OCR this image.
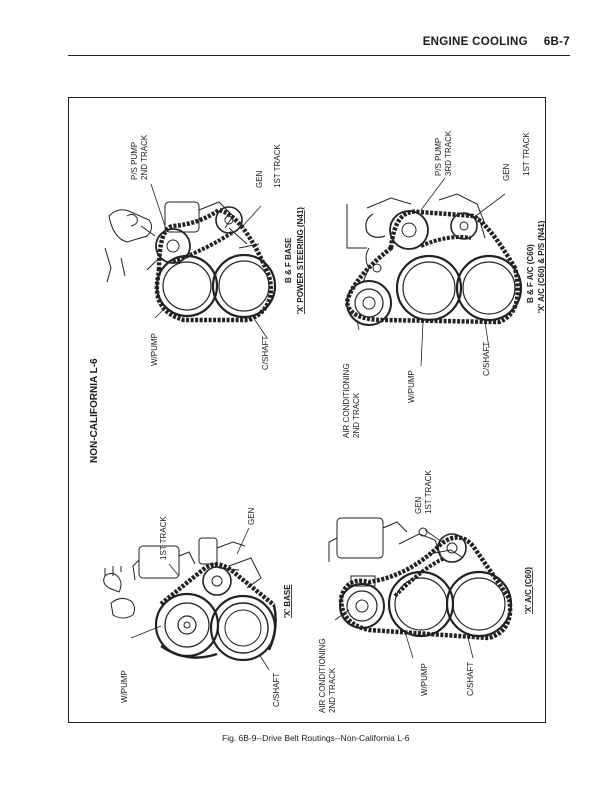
ENGINE COOLING 6B-7
NON-CALIFORNIA L-6
W/PUMP
1ST TRACK	GEN
C/SHAFT
'X' BASE
W/PUMP
P/S PUMP 2ND TRACK	GEN 1ST TRACK
C/SHAFT
B & F BASE 'X' POWER STEERING (N41)
AIR CONDITIONING 2ND TRACK
GEN 1ST TRACK
W/PUMP	C/SHAFT
'X' A/C (C60)
P/S PUMP 3RD TRACK	GEN 1ST TRACK
AIR CONDITIONING 2ND TRACK
W/PUMP
C/SHAFT
B & F A/C (C60) 'X' A/C (C60) & P/S (N41)
Fig. 6B-9--Drive Belt Routings--Non-California L-6
